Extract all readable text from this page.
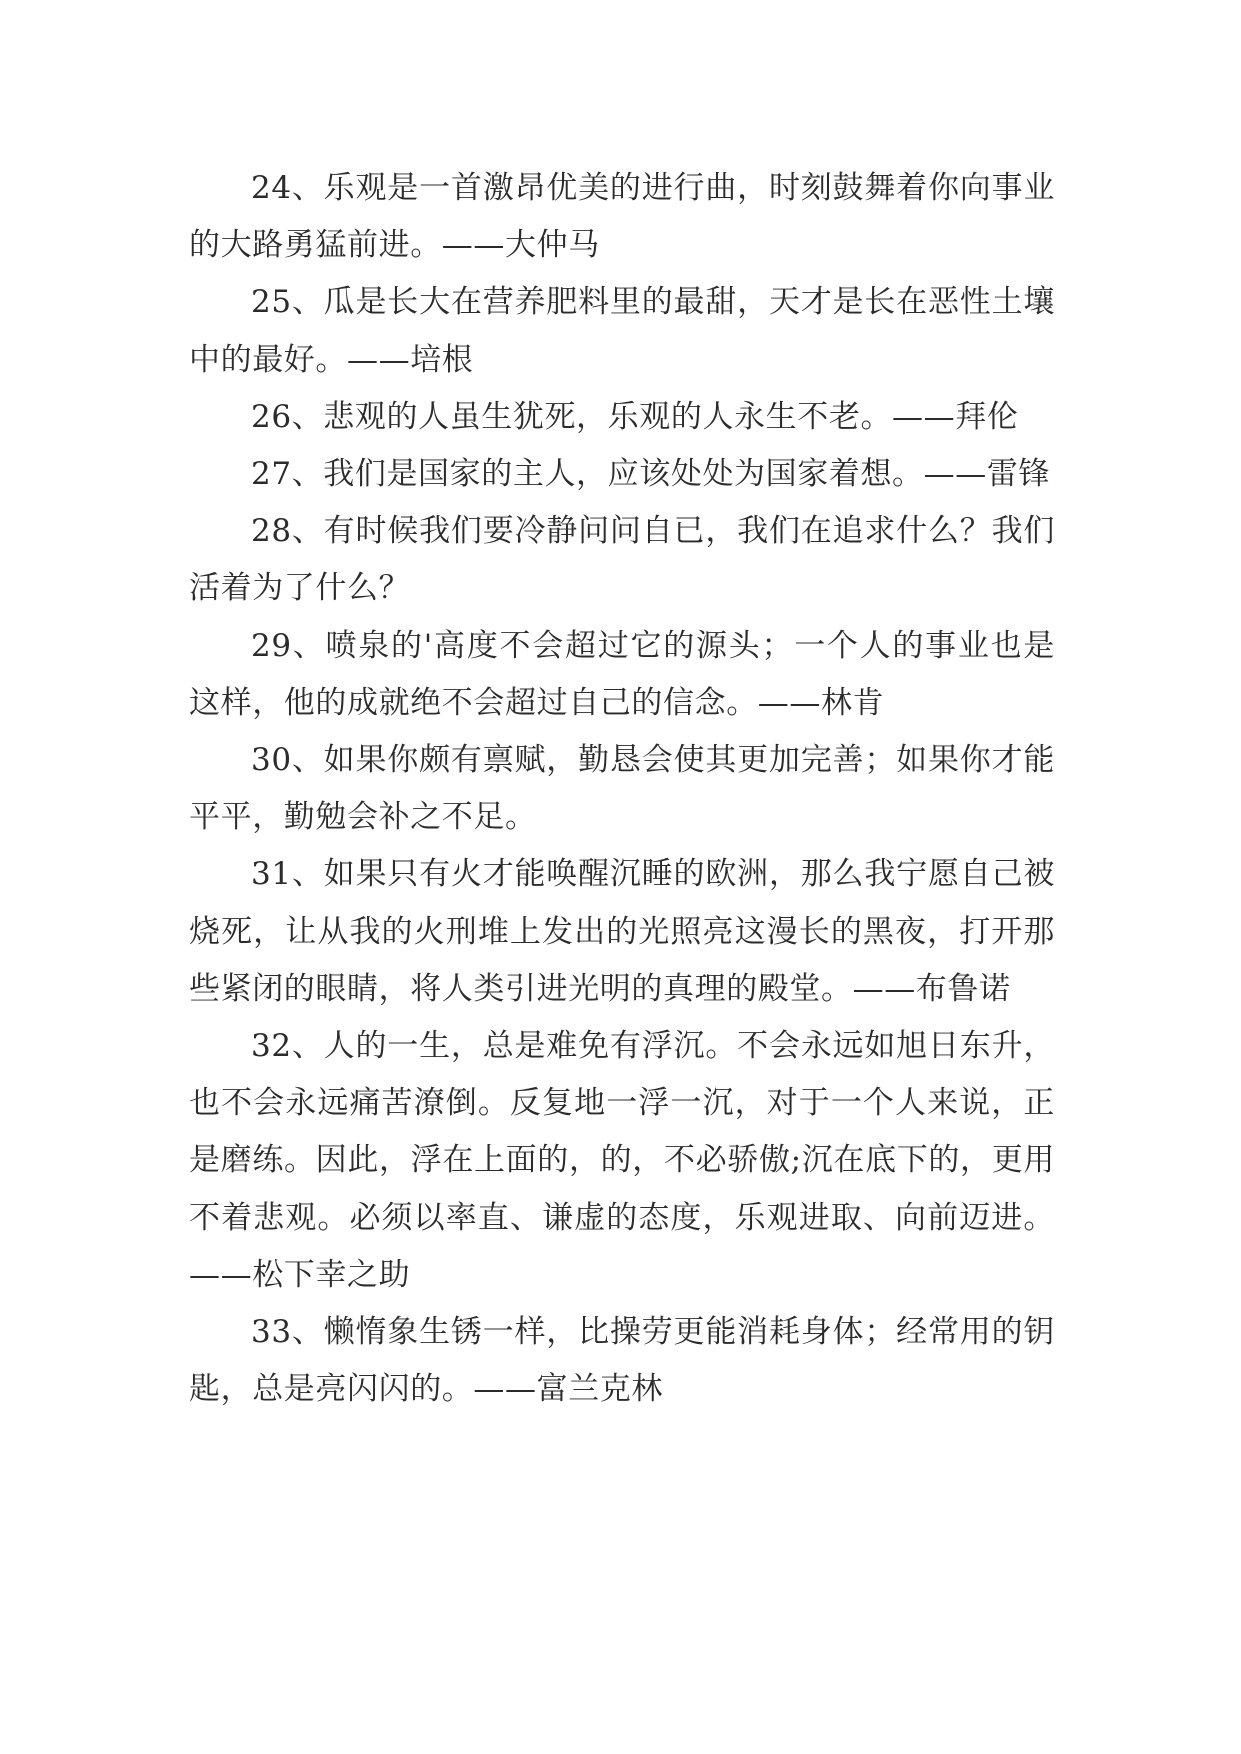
24、乐观是一首激昂优美的进行曲，时刻鼓舞着你向事业的大路勇猛前进。——大仲马

25、瓜是长大在营养肥料里的最甜，天才是长在恶性土壤中的最好。——培根

26、悲观的人虽生犹死，乐观的人永生不老。——拜伦

27、我们是国家的主人，应该处处为国家着想。——雷锋

28、有时候我们要冷静问问自已，我们在追求什么？我们活着为了什么？

29、喷泉的'高度不会超过它的源头；一个人的事业也是这样，他的成就绝不会超过自己的信念。——林肯

30、如果你颇有禀赋，勤恳会使其更加完善；如果你才能平平，勤勉会补之不足。

31、如果只有火才能唤醒沉睡的欧洲，那么我宁愿自己被烧死，让从我的火刑堆上发出的光照亮这漫长的黑夜，打开那些紧闭的眼睛，将人类引进光明的真理的殿堂。——布鲁诺

32、人的一生，总是难免有浮沉。不会永远如旭日东升，也不会永远痛苦潦倒。反复地一浮一沉，对于一个人来说，正是磨练。因此，浮在上面的，的，不必骄傲;沉在底下的，更用不着悲观。必须以率直、谦虚的态度，乐观进取、向前迈进。——松下幸之助

33、懒惰象生锈一样，比操劳更能消耗身体；经常用的钥匙，总是亮闪闪的。——富兰克林
